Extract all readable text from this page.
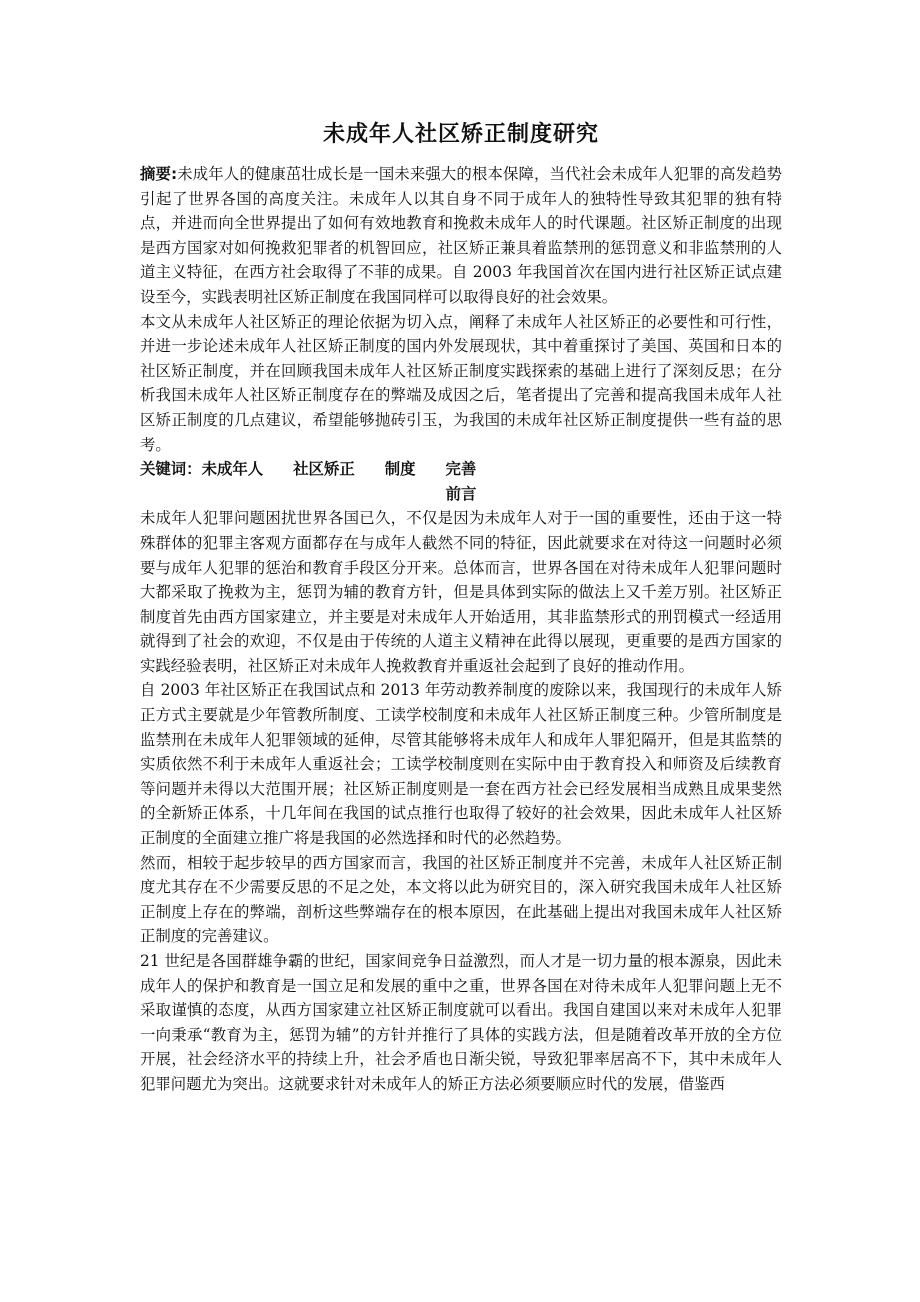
未成年人社区矫正制度研究

摘要:未成年人的健康茁壮成长是一国未来强大的根本保障，当代社会未成年人犯罪的高发趋势引起了世界各国的高度关注。未成年人以其自身不同于成年人的独特性导致其犯罪的独有特点，并进而向全世界提出了如何有效地教育和挽救未成年人的时代课题。社区矫正制度的出现是西方国家对如何挽救犯罪者的机智回应，社区矫正兼具着监禁刑的惩罚意义和非监禁刑的人道主义特征，在西方社会取得了不菲的成果。自 2003 年我国首次在国内进行社区矫正试点建设至今，实践表明社区矫正制度在我国同样可以取得良好的社会效果。

本文从未成年人社区矫正的理论依据为切入点，阐释了未成年人社区矫正的必要性和可行性，并进一步论述未成年人社区矫正制度的国内外发展现状，其中着重探讨了美国、英国和日本的社区矫正制度，并在回顾我国未成年人社区矫正制度实践探索的基础上进行了深刻反思；在分析我国未成年人社区矫正制度存在的弊端及成因之后，笔者提出了完善和提高我国未成年人社区矫正制度的几点建议，希望能够抛砖引玉，为我国的未成年社区矫正制度提供一些有益的思考。

关键词：未成年人 社区矫正 制度 完善

前言

未成年人犯罪问题困扰世界各国已久，不仅是因为未成年人对于一国的重要性，还由于这一特殊群体的犯罪主客观方面都存在与成年人截然不同的特征，因此就要求在对待这一问题时必须要与成年人犯罪的惩治和教育手段区分开来。总体而言，世界各国在对待未成年人犯罪问题时大都采取了挽救为主，惩罚为辅的教育方针，但是具体到实际的做法上又千差万别。社区矫正制度首先由西方国家建立，并主要是对未成年人开始适用，其非监禁形式的刑罚模式一经适用就得到了社会的欢迎，不仅是由于传统的人道主义精神在此得以展现，更重要的是西方国家的实践经验表明，社区矫正对未成年人挽救教育并重返社会起到了良好的推动作用。

自 2003 年社区矫正在我国试点和 2013 年劳动教养制度的废除以来，我国现行的未成年人矫正方式主要就是少年管教所制度、工读学校制度和未成年人社区矫正制度三种。少管所制度是监禁刑在未成年人犯罪领域的延伸，尽管其能够将未成年人和成年人罪犯隔开，但是其监禁的实质依然不利于未成年人重返社会；工读学校制度则在实际中由于教育投入和师资及后续教育等问题并未得以大范围开展；社区矫正制度则是一套在西方社会已经发展相当成熟且成果斐然的全新矫正体系，十几年间在我国的试点推行也取得了较好的社会效果，因此未成年人社区矫正制度的全面建立推广将是我国的必然选择和时代的必然趋势。

然而，相较于起步较早的西方国家而言，我国的社区矫正制度并不完善，未成年人社区矫正制度尤其存在不少需要反思的不足之处，本文将以此为研究目的，深入研究我国未成年人社区矫正制度上存在的弊端，剖析这些弊端存在的根本原因，在此基础上提出对我国未成年人社区矫正制度的完善建议。

21 世纪是各国群雄争霸的世纪，国家间竞争日益激烈，而人才是一切力量的根本源泉，因此未成年人的保护和教育是一国立足和发展的重中之重，世界各国在对待未成年人犯罪问题上无不采取谨慎的态度，从西方国家建立社区矫正制度就可以看出。我国自建国以来对未成年人犯罪一向秉承“教育为主，惩罚为辅”的方针并推行了具体的实践方法，但是随着改革开放的全方位开展，社会经济水平的持续上升，社会矛盾也日渐尖锐，导致犯罪率居高不下，其中未成年人犯罪问题尤为突出。这就要求针对未成年人的矫正方法必须要顺应时代的发展，借鉴西
